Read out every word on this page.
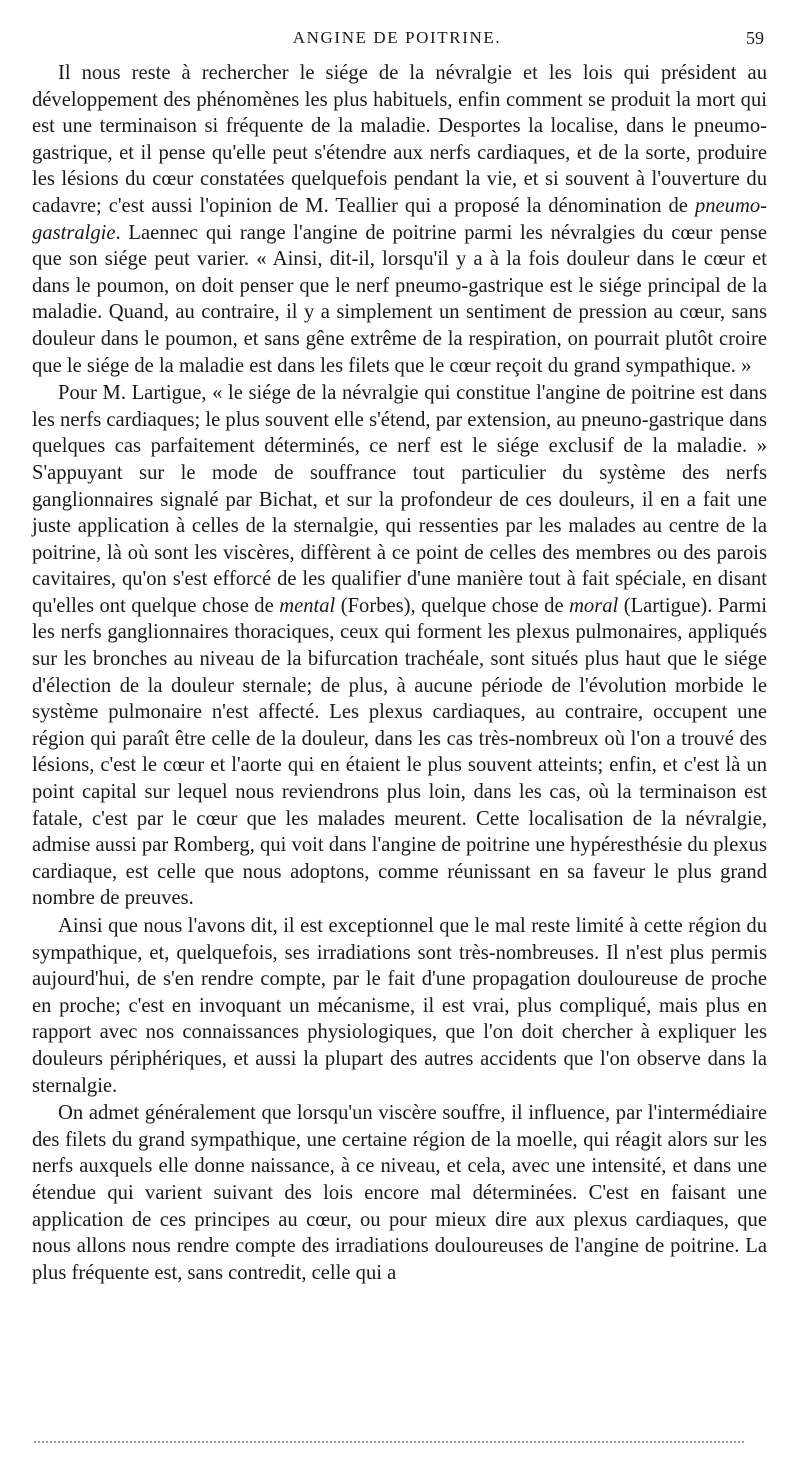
ANGINE DE POITRINE.	59

Il nous reste à rechercher le siége de la névralgie et les lois qui président au développement des phénomènes les plus habituels, enfin comment se produit la mort qui est une terminaison si fréquente de la maladie. Desportes la localise, dans le pneumo-gastrique, et il pense qu'elle peut s'étendre aux nerfs cardiaques, et de la sorte, produire les lésions du cœur constatées quelquefois pendant la vie, et si souvent à l'ouverture du cadavre; c'est aussi l'opinion de M. Teallier qui a proposé la dénomination de pneumo-gastralgie. Laennec qui range l'angine de poitrine parmi les névralgies du cœur pense que son siége peut varier. « Ainsi, dit-il, lorsqu'il y a à la fois douleur dans le cœur et dans le poumon, on doit penser que le nerf pneumo-gastrique est le siége principal de la maladie. Quand, au contraire, il y a simplement un sentiment de pression au cœur, sans douleur dans le poumon, et sans gêne extrême de la respiration, on pourrait plutôt croire que le siége de la maladie est dans les filets que le cœur reçoit du grand sympathique. »

Pour M. Lartigue, « le siége de la névralgie qui constitue l'angine de poitrine est dans les nerfs cardiaques; le plus souvent elle s'étend, par extension, au pneuno-gastrique dans quelques cas parfaitement déterminés, ce nerf est le siége exclusif de la maladie. » S'appuyant sur le mode de souffrance tout particulier du système des nerfs ganglionnaires signalé par Bichat, et sur la profondeur de ces douleurs, il en a fait une juste application à celles de la sternalgie, qui ressenties par les malades au centre de la poitrine, là où sont les viscères, diffèrent à ce point de celles des membres ou des parois cavitaires, qu'on s'est efforcé de les qualifier d'une manière tout à fait spéciale, en disant qu'elles ont quelque chose de mental (Forbes), quelque chose de moral (Lartigue). Parmi les nerfs ganglionnaires thoraciques, ceux qui forment les plexus pulmonaires, appliqués sur les bronches au niveau de la bifurcation trachéale, sont situés plus haut que le siége d'élection de la douleur sternale; de plus, à aucune période de l'évolution morbide le système pulmonaire n'est affecté. Les plexus cardiaques, au contraire, occupent une région qui paraît être celle de la douleur, dans les cas très-nombreux où l'on a trouvé des lésions, c'est le cœur et l'aorte qui en étaient le plus souvent atteints; enfin, et c'est là un point capital sur lequel nous reviendrons plus loin, dans les cas, où la terminaison est fatale, c'est par le cœur que les malades meurent. Cette localisation de la névralgie, admise aussi par Romberg, qui voit dans l'angine de poitrine une hypéresthésie du plexus cardiaque, est celle que nous adoptons, comme réunissant en sa faveur le plus grand nombre de preuves.

Ainsi que nous l'avons dit, il est exceptionnel que le mal reste limité à cette région du sympathique, et, quelquefois, ses irradiations sont très-nombreuses. Il n'est plus permis aujourd'hui, de s'en rendre compte, par le fait d'une propagation douloureuse de proche en proche; c'est en invoquant un mécanisme, il est vrai, plus compliqué, mais plus en rapport avec nos connaissances physiologiques, que l'on doit chercher à expliquer les douleurs périphériques, et aussi la plupart des autres accidents que l'on observe dans la sternalgie.

On admet généralement que lorsqu'un viscère souffre, il influence, par l'intermédiaire des filets du grand sympathique, une certaine région de la moelle, qui réagit alors sur les nerfs auxquels elle donne naissance, à ce niveau, et cela, avec une intensité, et dans une étendue qui varient suivant des lois encore mal déterminées. C'est en faisant une application de ces principes au cœur, ou pour mieux dire aux plexus cardiaques, que nous allons nous rendre compte des irradiations douloureuses de l'angine de poitrine. La plus fréquente est, sans contredit, celle qui a
